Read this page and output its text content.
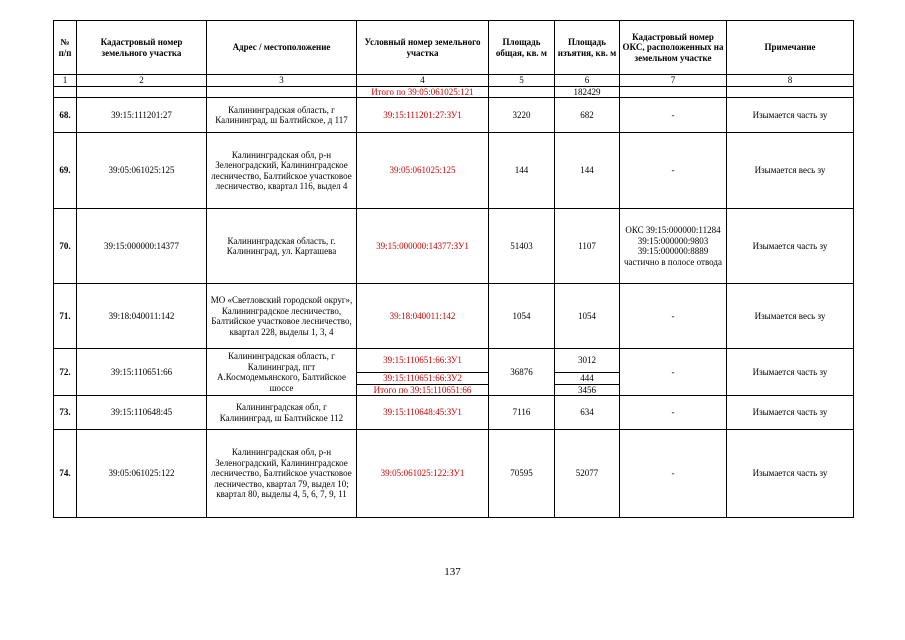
№ п/п	Кадастровый номер земельного участка	Адрес / местоположение	Условный номер земельного участка	Площадь общая, кв. м	Площадь изъятия, кв. м	Кадастровый номер ОКС, расположенных на земельном участке	Примечание
1	2	3	4	5	6	7	8
			Итого по 39:05:061025:121		182429		
68.	39:15:111201:27	Калининградская область, г Калининград, ш Балтийское, д 117	39:15:111201:27:ЗУ1	3220	682	-	Изымается часть зу
69.	39:05:061025:125	Калининградская обл, р-н Зеленоградский, Калининградское лесничество, Балтийское участковое лесничество, квартал 116, выдел 4	39:05:061025:125	144	144	-	Изымается весь зу
70.	39:15:000000:14377	Калининградская область, г. Калининград, ул. Карташева	39:15:000000:14377:ЗУ1	51403	1107	ОКС 39:15:000000:11284 39:15:000000:9803 39:15:000000:8889 частично в полосе отвода	Изымается часть зу
71.	39:18:040011:142	МО «Светловский городской округ», Калининградское лесничество, Балтийское участковое лесничество, квартал 228, выделы 1, 3, 4	39:18:040011:142	1054	1054	-	Изымается весь зу
72.	39:15:110651:66	Калининградская область, г Калининград, пгт А.Космодемьянского, Балтийское шоссе	39:15:110651:66:ЗУ1	36876	3012	-	Изымается часть зу
			39:15:110651:66:ЗУ2		444		
			Итого по 39:15:110651:66		3456		
73.	39:15:110648:45	Калининградская обл, г Калининград, ш Балтийское 112	39:15:110648:45:ЗУ1	7116	634	-	Изымается часть зу
74.	39:05:061025:122	Калининградская обл, р-н Зеленоградский, Калининградское лесничество, Балтийское участковое лесничество, квартал 79, выдел 10; квартал 80, выделы 4, 5, 6, 7, 9, 11	39:05:061025:122:ЗУ1	70595	52077	-	Изымается часть зу
137
